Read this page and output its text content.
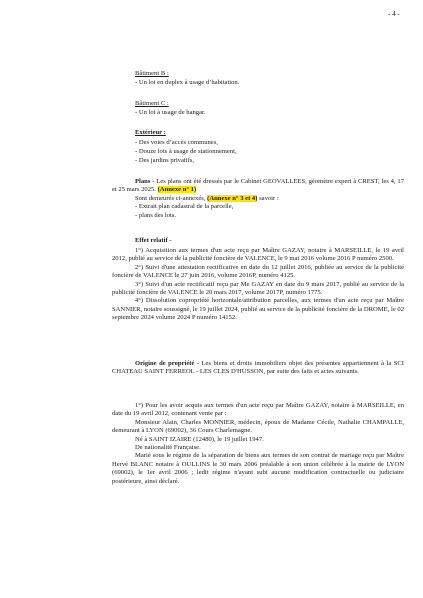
- 4 -
Bâtiment B :
- Un lot en duplex à usage d’habitation.
Bâtiment C :
- Un lot à usage de hangar.
Extérieur :
- Des voies d’accès communes,
- Douze lots à usage de stationnement,
- Des jardins privatifs,

Plans - Les plans ont été dressés par le Cabinet GEOVALLEES, géomètre expert à CREST, les 4, 17 et 25 mars 2025. (Annexe n° 1)

Sont demeurés ci-annexés, (Annexe n° 3 et 4) savoir :

- Extrait plan cadastral de la parcelle,

- plans des lots.

Effet relatif -

1°) Acquisition aux termes d'un acte reçu par Maître GAZAY, notaire à MARSEILLE, le 19 avril 2012, publié au service de la publicité foncière de VALENCE, le 9 mai 2016 volume 2016 P numéro 2500.

2°) Suivi d'une attestation rectificative en date du 12 juillet 2016, publiée au service de la publicité foncière de VALENCE le 27 juin 2016, volume 2016P, numéro 4125.

3°) Suivi d'un acte rectificatif reçu par Me GAZAY en date du 9 mars 2017, publié au service de la publicité foncière de VALENCE le 20 mars 2017, volume 2017P, numéro 1775.

4°) Dissolution copropriété horizontale/attribution parcelles, aux termes d'un acte reçu par Maître SANNIER, notaire soussigné, le 19 juillet 2024, publié au service de la publicité foncière de la DROME, le 02 septembre 2024 volume 2024 P numéro 14152.

Origine de propriété - Les biens et droits immobiliers objet des présentes appartiennent à la SCI CHATEAU SAINT FERREOL - LES CLES D'HUSSON, par suite des faits et actes suivants.

1°) Pour les avoir acquis aux termes d'un acte reçu par Maître GAZAY, notaire à MARSEILLE, en date du 19 avril 2012, contenant vente par :

Monsieur Alain, Charles MONNIER, médecin, époux de Madame Cécile, Nathalie CHAMPALLE, demeurant à LYON (69002), 36 Cours Charlemagne.

Né à SAINT IZAIRE (12480), le 19 juillet 1947.

De nationalité Française.

Marié sous le régime de la séparation de biens aux termes de son contrat de mariage reçu par Maître Hervé BLANC notaire à OULLINS le 30 mars 2006 préalable à son union célébrée à la mairie de LYON (69002), le 1er avril 2006 ; ledit régime n'ayant subi aucune modification contractuelle ou judiciaire postérieure, ainsi déclaré.
